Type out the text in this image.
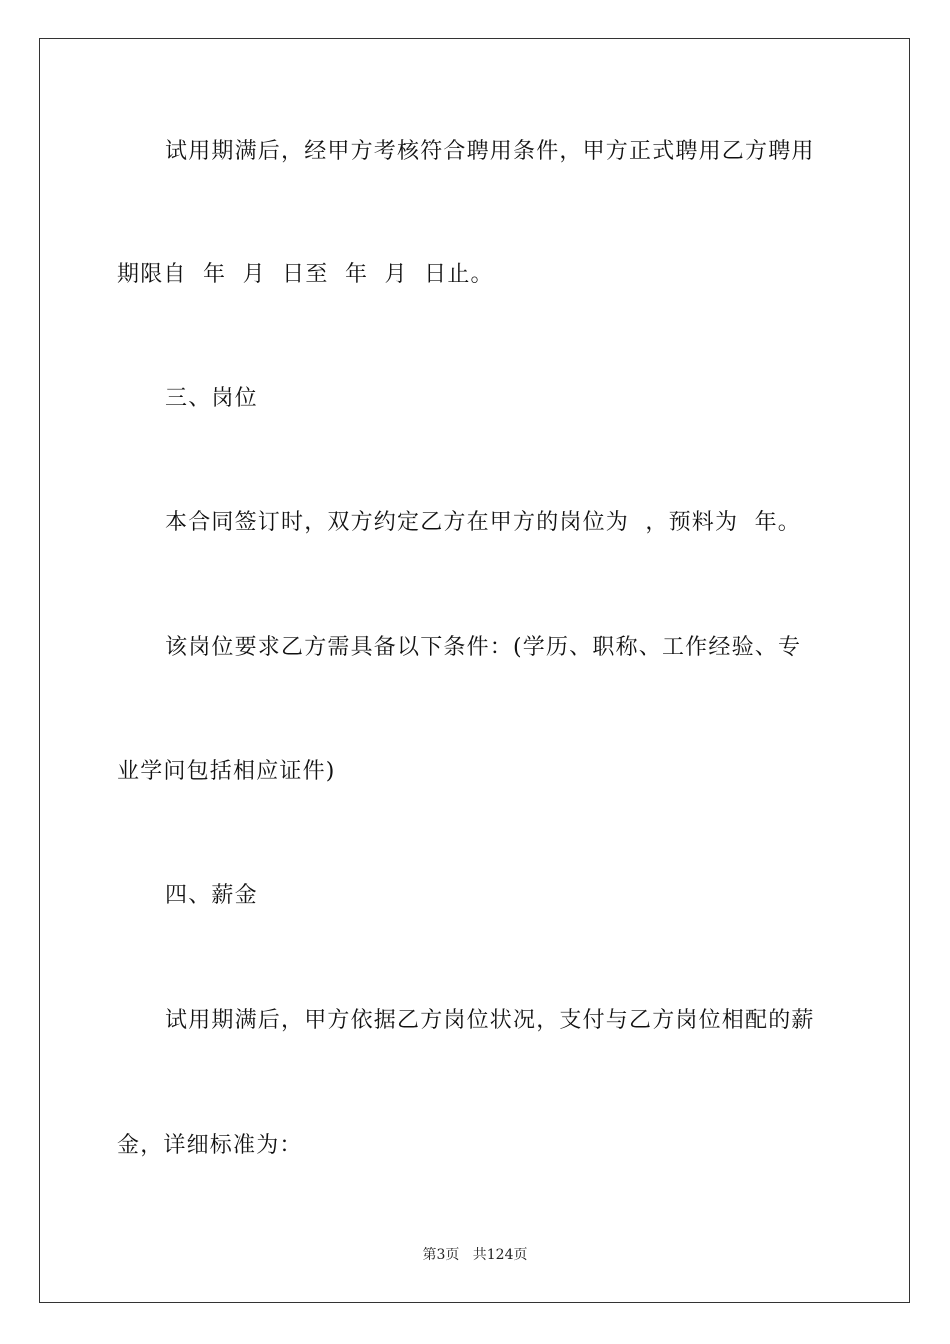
试用期满后，经甲方考核符合聘用条件，甲方正式聘用乙方聘用
期限自  年  月  日至  年  月  日止。
三、岗位
本合同签订时，双方约定乙方在甲方的岗位为  ，预料为  年。
该岗位要求乙方需具备以下条件：(学历、职称、工作经验、专
业学问包括相应证件)
四、薪金
试用期满后，甲方依据乙方岗位状况，支付与乙方岗位相配的薪
金，详细标准为：
第3页 共124页
